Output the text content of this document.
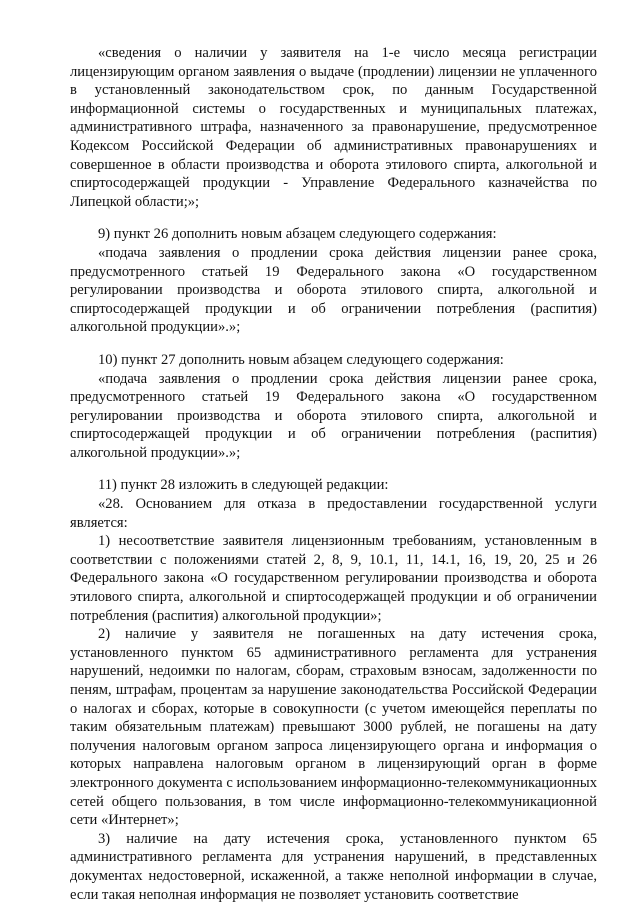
«сведения о наличии у заявителя на 1-е число месяца регистрации лицензирующим органом заявления о выдаче (продлении) лицензии не уплаченного в установленный законодательством срок, по данным Государственной информационной системы о государственных и муниципальных платежах, административного штрафа, назначенного за правонарушение, предусмотренное Кодексом Российской Федерации об административных правонарушениях и совершенное в области производства и оборота этилового спирта, алкогольной и спиртосодержащей продукции - Управление Федерального казначейства по Липецкой области;»;

9) пункт 26 дополнить новым абзацем следующего содержания:

«подача заявления о продлении срока действия лицензии ранее срока, предусмотренного статьей 19 Федерального закона «О государственном регулировании производства и оборота этилового спирта, алкогольной и спиртосодержащей продукции и об ограничении потребления (распития) алкогольной продукции».»;

10) пункт 27 дополнить новым абзацем следующего содержания:

«подача заявления о продлении срока действия лицензии ранее срока, предусмотренного статьей 19 Федерального закона «О государственном регулировании производства и оборота этилового спирта, алкогольной и спиртосодержащей продукции и об ограничении потребления (распития) алкогольной продукции».»;

11) пункт 28 изложить в следующей редакции:

«28. Основанием для отказа в предоставлении государственной услуги является:

1) несоответствие заявителя лицензионным требованиям, установленным в соответствии с положениями статей 2, 8, 9, 10.1, 11, 14.1, 16, 19, 20, 25 и 26 Федерального закона «О государственном регулировании производства и оборота этилового спирта, алкогольной и спиртосодержащей продукции и об ограничении потребления (распития) алкогольной продукции»;

2) наличие у заявителя не погашенных на дату истечения срока, установленного пунктом 65 административного регламента для устранения нарушений, недоимки по налогам, сборам, страховым взносам, задолженности по пеням, штрафам, процентам за нарушение законодательства Российской Федерации о налогах и сборах, которые в совокупности (с учетом имеющейся переплаты по таким обязательным платежам) превышают 3000 рублей, не погашены на дату получения налоговым органом запроса лицензирующего органа и информация о которых направлена налоговым органом в лицензирующий орган в форме электронного документа с использованием информационно-телекоммуникационных сетей общего пользования, в том числе информационно-телекоммуникационной сети «Интернет»;

3) наличие на дату истечения срока, установленного пунктом 65 административного регламента для устранения нарушений, в представленных документах недостоверной, искаженной, а также неполной информации в случае, если такая неполная информация не позволяет установить соответствие
